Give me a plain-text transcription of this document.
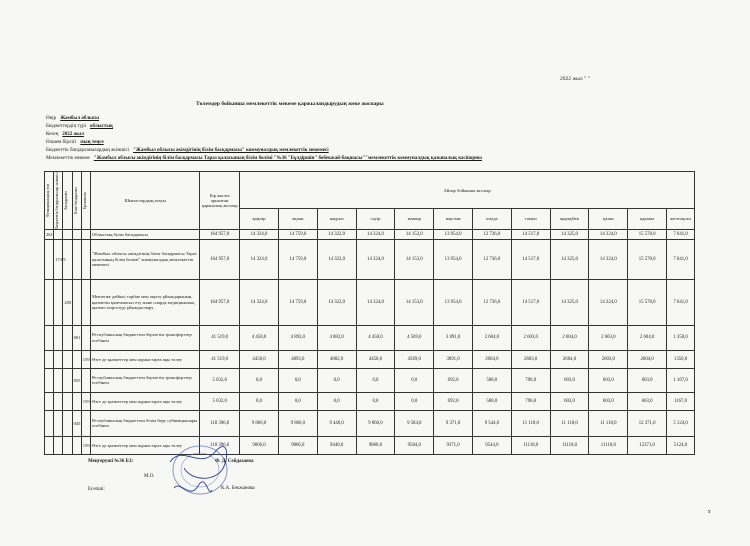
2022 жыл " "
Төлемдер бойынша мемлекеттік мекеме қаржыландырудың жеке жоспары
Өңір Жамбыл облысы
Бюджеттердің түрі облыстық
Кезең 2022 жыл
Өлшем бірлігі мың теңге
Бюджеттік бағдарламалардың әкімшісі "Жамбыл облысы әкімдігінің білім басқармасы" коммуналдық мемлекеттік мекемесі
Мемлекеттік мекеме "Жамбыл облысы әкімдігінің білім басқармасы Тараз қаласының білім бөлімі "№36 "Бұлдіршін" бөбекжай-бақшасы""мемлекеттік коммуналдық қазыналық кәсіпорны
Функционалдық топ	Бюджеттік бағдарламалар әкімшісі	Бағдарлама	Кіші бағдарлама	Ерекшелік	Шығыстардың атауы	Бір жылға арналған қаржылық жоспар	Айлар бойынша жоспар											
							қаңтар	ақпан	наурыз	сәуір	мамыр	маусым	шілде	тамыз	қыркүйек	қазан	қараша	желтоқсан
261					Облыстың білім басқармасы	164 957,0	14 324,0	14 759,0	14 322,0	14 324,0	14 153,0	13 954,0	12 736,0	14 517,0	14 325,0	14 324,0	15 578,0	7 641,0
	17/05				"Жамбыл облысы әкімдігінің білім басқармасы Тараз қаласының білім бөлімі" коммуналдық мемлекеттік мекемесі	164 957,0	14 324,0	14 759,0	14 322,0	14 324,0	14 153,0	13 954,0	12 736,0	14 517,0	14 325,0	14 324,0	15 578,0	7 641,0
		200			Мектепке дейінгі тәрбие мен оқыту ұйымдарының қызметін қамтамасыз ету және оларда медициналық қызмет көрсетуді ұйымдастыру	164 957,0	14 324,0	14 759,0	14 322,0	14 324,0	14 153,0	13 954,0	12 736,0	14 517,0	14 325,0	14 324,0	15 578,0	7 641,0
			001		Республикалық бюджеттен берілетін трансферттер есебінен	41 519,0	4 458,0	4 893,0	4 882,0	4 458,0	4 569,0	3 891,0	2 604,0	2 603,0	2 604,0	2 603,0	2 604,0	1 350,0
				159	Өзге де қызметтер мен жұмыстарға ақы төлеу	41 519,0	4458,0	4893,0	4882,0	4458,0	4569,0	3891,0	2604,0	2603,0	2604,0	2603,0	2604,0	1350,0
			055		Республикалық бюджеттен берілетін трансферттер есебінен	5 032,0	0,0	0,0	0,0	0,0	0,0	692,0	588,0	796,0	603,0	603,0	603,0	1 167,0
				159	Өзге де қызметтер мен жұмыстарға ақы төлеу	5 032,0	0,0	0,0	0,0	0,0	0,0	692,0	588,0	796,0	603,0	603,0	603,0	1167,0
			045		Республикалық бюджеттен білім беру субвенциялары есебінен	118 396,0	9 866,0	9 866,0	9 440,0	9 866,0	9 584,0	9 371,0	9 544,0	11 118,0	11 118,0	11 118,0	12 371,0	5 124,0
				159	Өзге де қызметтер мен жұмыстарға ақы төлеу	118 396,0	9866,0	9866,0	9440,0	9866,0	9584,0	9371,0	9544,0	11118,0	11118,0	11118,0	12371,0	5124,0
Меңгеруші №36 БЗ:	Ф. Д. Сейдазаева
М.О.
Есепші:	К.А. Бекжанова
ɤ
